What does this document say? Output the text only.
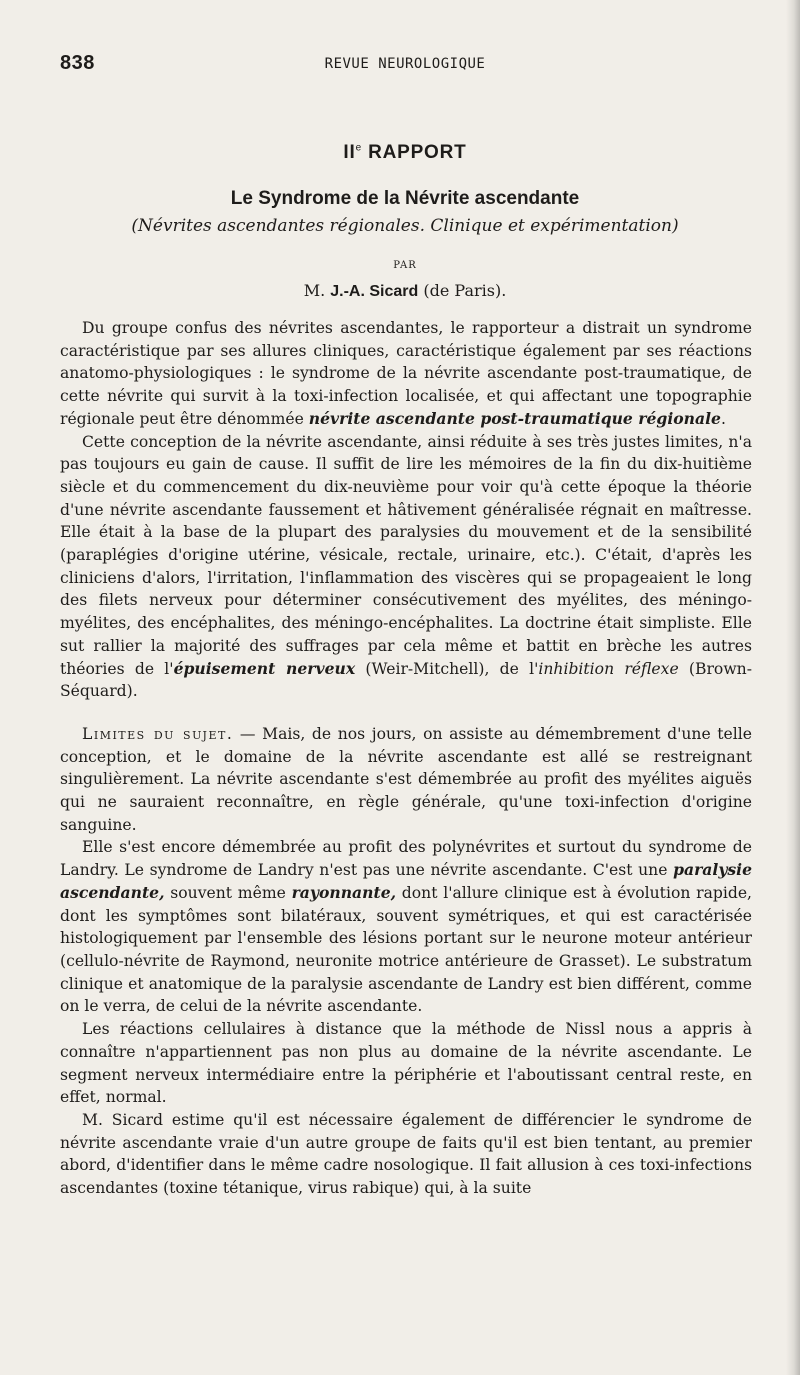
838	REVUE NEUROLOGIQUE
IIe RAPPORT
Le Syndrome de la Névrite ascendante
(Névrites ascendantes régionales. Clinique et expérimentation)
PAR
M. J.-A. Sicard (de Paris).

Du groupe confus des névrites ascendantes, le rapporteur a distrait un syndrome caractéristique par ses allures cliniques, caractéristique également par ses réactions anatomo-physiologiques : le syndrome de la névrite ascendante post-traumatique, de cette névrite qui survit à la toxi-infection localisée, et qui affectant une topographie régionale peut être dénommée névrite ascendante post-traumatique régionale.

Cette conception de la névrite ascendante, ainsi réduite à ses très justes limites, n'a pas toujours eu gain de cause. Il suffit de lire les mémoires de la fin du dix-huitième siècle et du commencement du dix-neuvième pour voir qu'à cette époque la théorie d'une névrite ascendante faussement et hâtivement généralisée régnait en maîtresse. Elle était à la base de la plupart des paralysies du mouvement et de la sensibilité (paraplégies d'origine utérine, vésicale, rectale, urinaire, etc.). C'était, d'après les cliniciens d'alors, l'irritation, l'inflammation des viscères qui se propageaient le long des filets nerveux pour déterminer consécutivement des myélites, des méningo-myélites, des encéphalites, des méningo-encéphalites. La doctrine était simpliste. Elle sut rallier la majorité des suffrages par cela même et battit en brèche les autres théories de l'épuisement nerveux (Weir-Mitchell), de l'inhibition réflexe (Brown-Séquard).

Limites du sujet. — Mais, de nos jours, on assiste au démembrement d'une telle conception, et le domaine de la névrite ascendante est allé se restreignant singulièrement. La névrite ascendante s'est démembrée au profit des myélites aiguës qui ne sauraient reconnaître, en règle générale, qu'une toxi-infection d'origine sanguine.

Elle s'est encore démembrée au profit des polynévrites et surtout du syndrome de Landry. Le syndrome de Landry n'est pas une névrite ascendante. C'est une paralysie ascendante, souvent même rayonnante, dont l'allure clinique est à évolution rapide, dont les symptômes sont bilatéraux, souvent symétriques, et qui est caractérisée histologiquement par l'ensemble des lésions portant sur le neurone moteur antérieur (cellulo-névrite de Raymond, neuronite motrice antérieure de Grasset). Le substratum clinique et anatomique de la paralysie ascendante de Landry est bien différent, comme on le verra, de celui de la névrite ascendante.

Les réactions cellulaires à distance que la méthode de Nissl nous a appris à connaître n'appartiennent pas non plus au domaine de la névrite ascendante. Le segment nerveux intermédiaire entre la périphérie et l'aboutissant central reste, en effet, normal.

M. Sicard estime qu'il est nécessaire également de différencier le syndrome de névrite ascendante vraie d'un autre groupe de faits qu'il est bien tentant, au premier abord, d'identifier dans le même cadre nosologique. Il fait allusion à ces toxi-infections ascendantes (toxine tétanique, virus rabique) qui, à la suite
